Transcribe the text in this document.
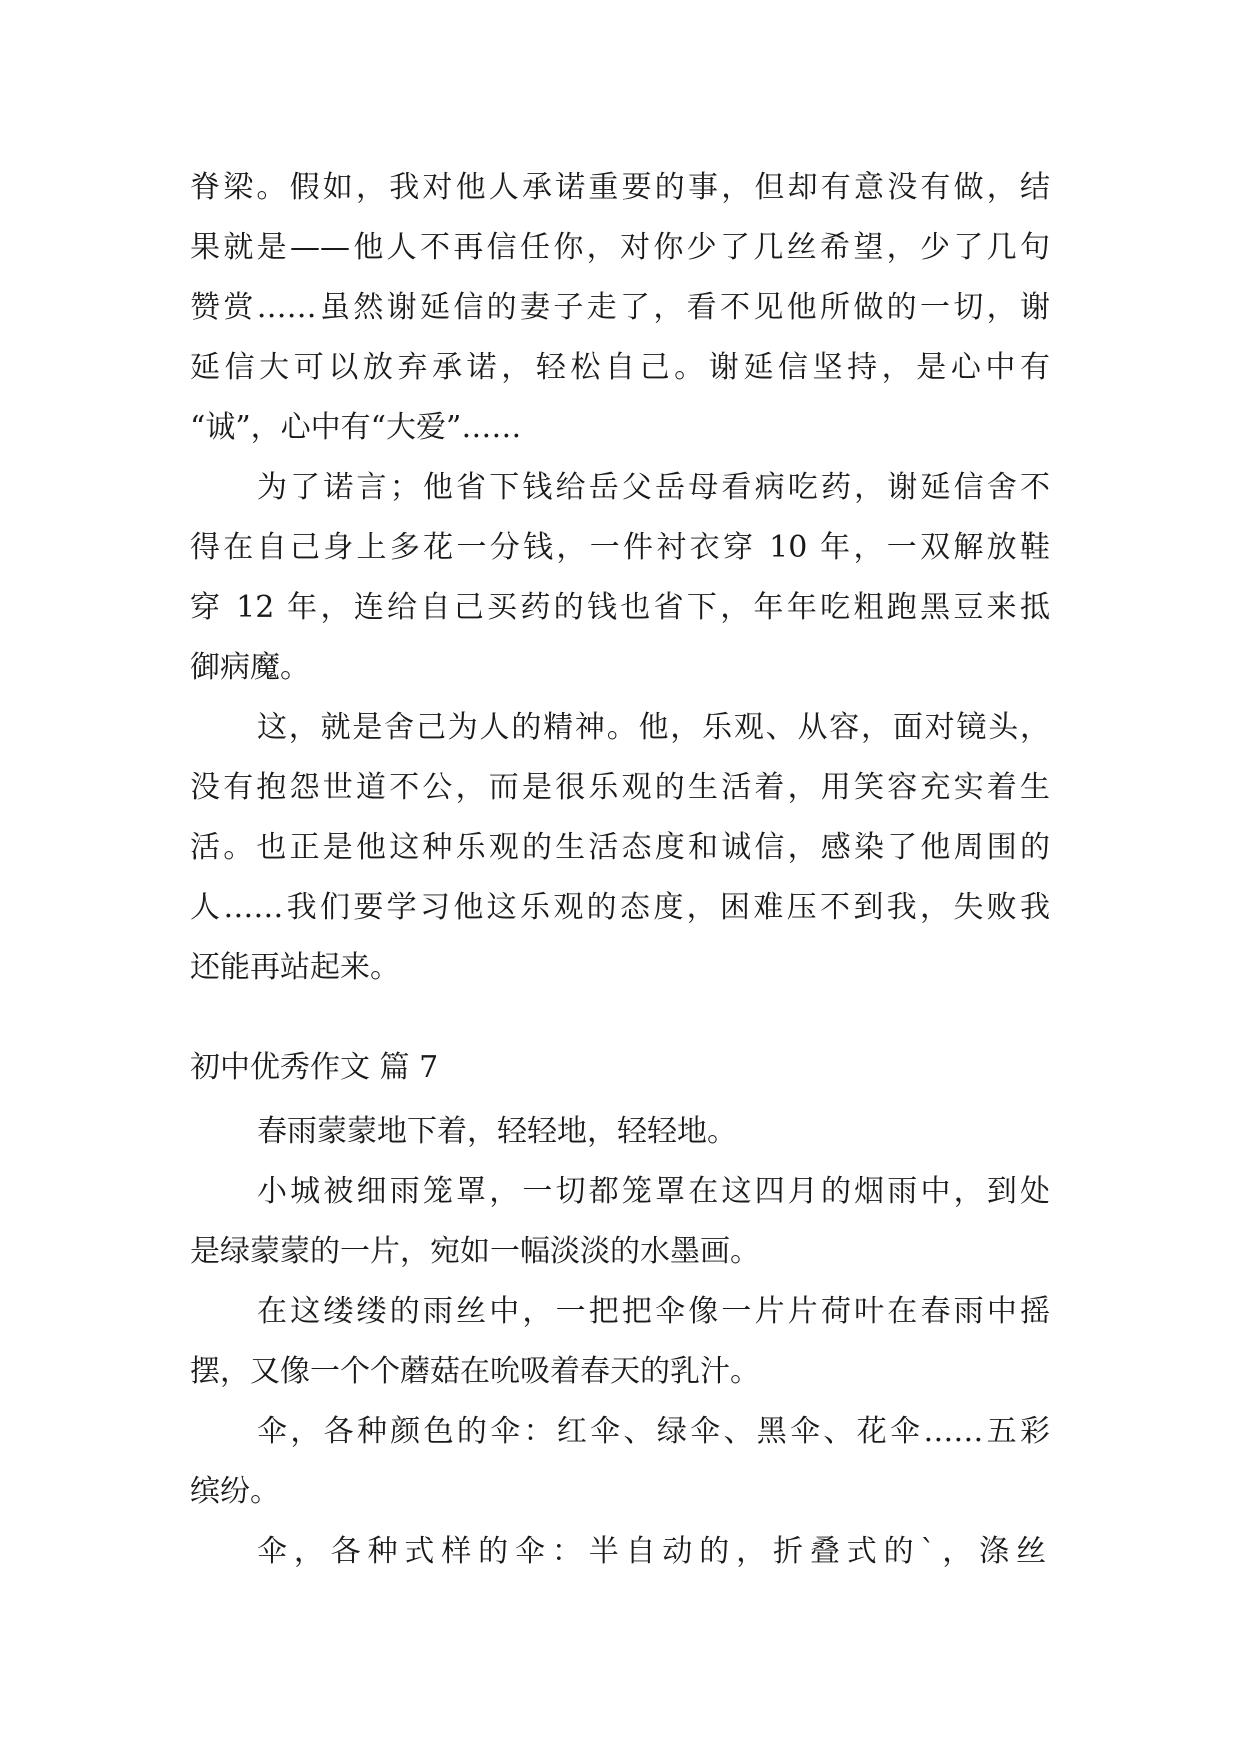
脊梁。假如，我对他人承诺重要的事，但却有意没有做，结
果就是——他人不再信任你，对你少了几丝希望，少了几句
赞赏……虽然谢延信的妻子走了，看不见他所做的一切，谢
延信大可以放弃承诺，轻松自己。谢延信坚持，是心中有
“诚”，心中有“大爱”……
为了诺言；他省下钱给岳父岳母看病吃药，谢延信舍不
得在自己身上多花一分钱，一件衬衣穿 10 年，一双解放鞋
穿 12 年，连给自己买药的钱也省下，年年吃粗跑黑豆来抵
御病魔。
这，就是舍己为人的精神。他，乐观、从容，面对镜头，
没有抱怨世道不公，而是很乐观的生活着，用笑容充实着生
活。也正是他这种乐观的生活态度和诚信，感染了他周围的
人……我们要学习他这乐观的态度，困难压不到我，失败我
还能再站起来。
初中优秀作文 篇 7
春雨蒙蒙地下着，轻轻地，轻轻地。
小城被细雨笼罩，一切都笼罩在这四月的烟雨中，到处
是绿蒙蒙的一片，宛如一幅淡淡的水墨画。
在这缕缕的雨丝中，一把把伞像一片片荷叶在春雨中摇
摆，又像一个个蘑菇在吮吸着春天的乳汁。
伞，各种颜色的伞：红伞、绿伞、黑伞、花伞……五彩
缤纷。
伞，各种式样的伞：半自动的，折叠式的`，涤丝
